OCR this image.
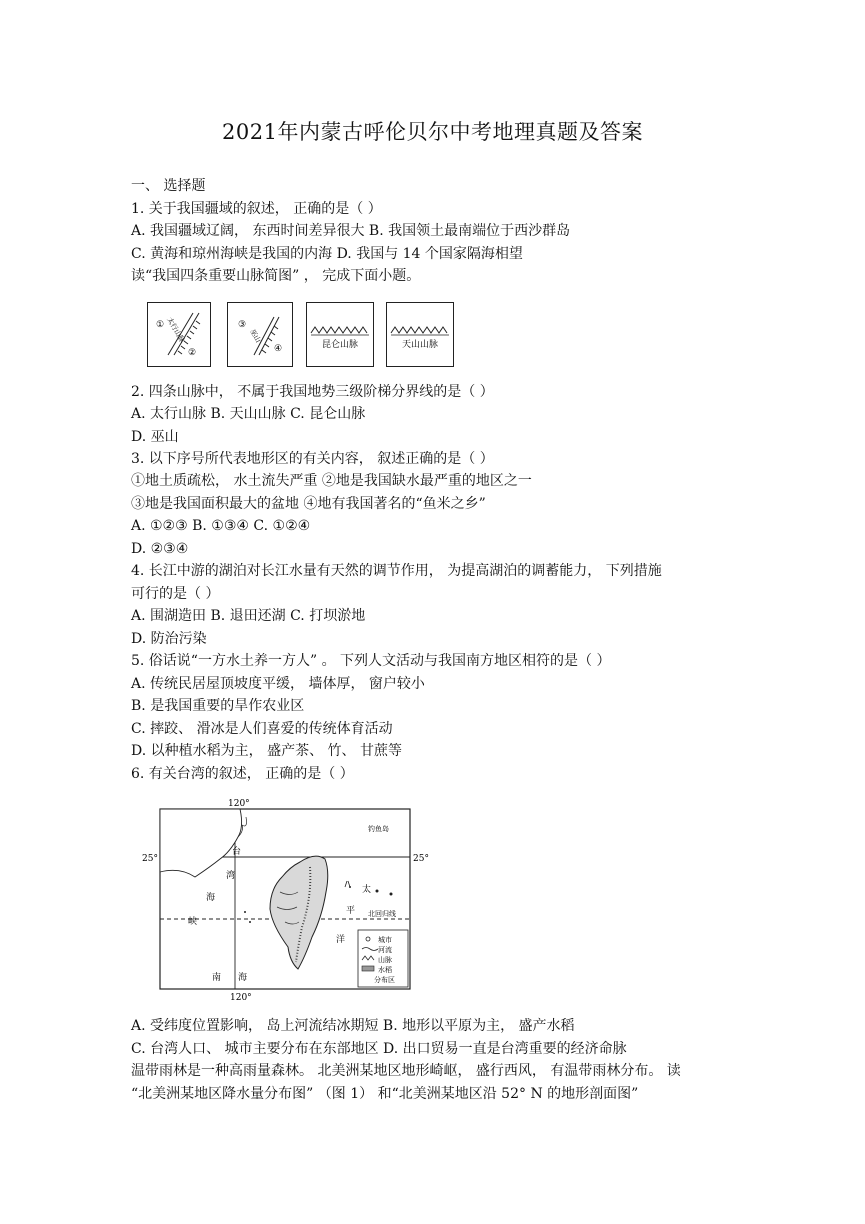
2021年内蒙古呼伦贝尔中考地理真题及答案
一、 选择题
1. 关于我国疆域的叙述， 正确的是（ ）
A. 我国疆域辽阔， 东西时间差异很大 B. 我国领土最南端位于西沙群岛
C. 黄海和琼州海峡是我国的内海 D. 我国与 14 个国家隔海相望
读“我国四条重要山脉简图” ， 完成下面小题。
①
②
太行山脉	③
④
巫山
昆仑山脉	天山山脉
2. 四条山脉中， 不属于我国地势三级阶梯分界线的是（ ）
A. 太行山脉 B. 天山山脉 C. 昆仑山脉
D. 巫山
3. 以下序号所代表地形区的有关内容， 叙述正确的是（ ）
①地土质疏松， 水土流失严重 ②地是我国缺水最严重的地区之一
③地是我国面积最大的盆地 ④地有我国著名的“鱼米之乡”
A. ①②③ B. ①③④ C. ①②④
D. ②③④
4. 长江中游的湖泊对长江水量有天然的调节作用， 为提高湖泊的调蓄能力， 下列措施
可行的是（ ）
A. 围湖造田 B. 退田还湖 C. 打坝淤地
D. 防治污染
5. 俗话说“一方水土养一方人” 。 下列人文活动与我国南方地区相符的是（ ）
A. 传统民居屋顶坡度平缓， 墙体厚， 窗户较小
B. 是我国重要的旱作农业区
C. 摔跤、 滑冰是人们喜爱的传统体育活动
D. 以种植水稻为主， 盛产茶、 竹、 甘蔗等
6. 有关台湾的叙述， 正确的是（ ）
城市
河流
山脉
水稻
分布区
120°
120°
25°	25°
钓鱼岛
台
湾
海
峡
太
平
洋
北回归线
南 海
A. 受纬度位置影响， 岛上河流结冰期短 B. 地形以平原为主， 盛产水稻
C. 台湾人口、 城市主要分布在东部地区 D. 出口贸易一直是台湾重要的经济命脉
温带雨林是一种高雨量森林。 北美洲某地区地形崎岖， 盛行西风， 有温带雨林分布。 读
“北美洲某地区降水量分布图” （图 1） 和“北美洲某地区沿 52° N 的地形剖面图”
